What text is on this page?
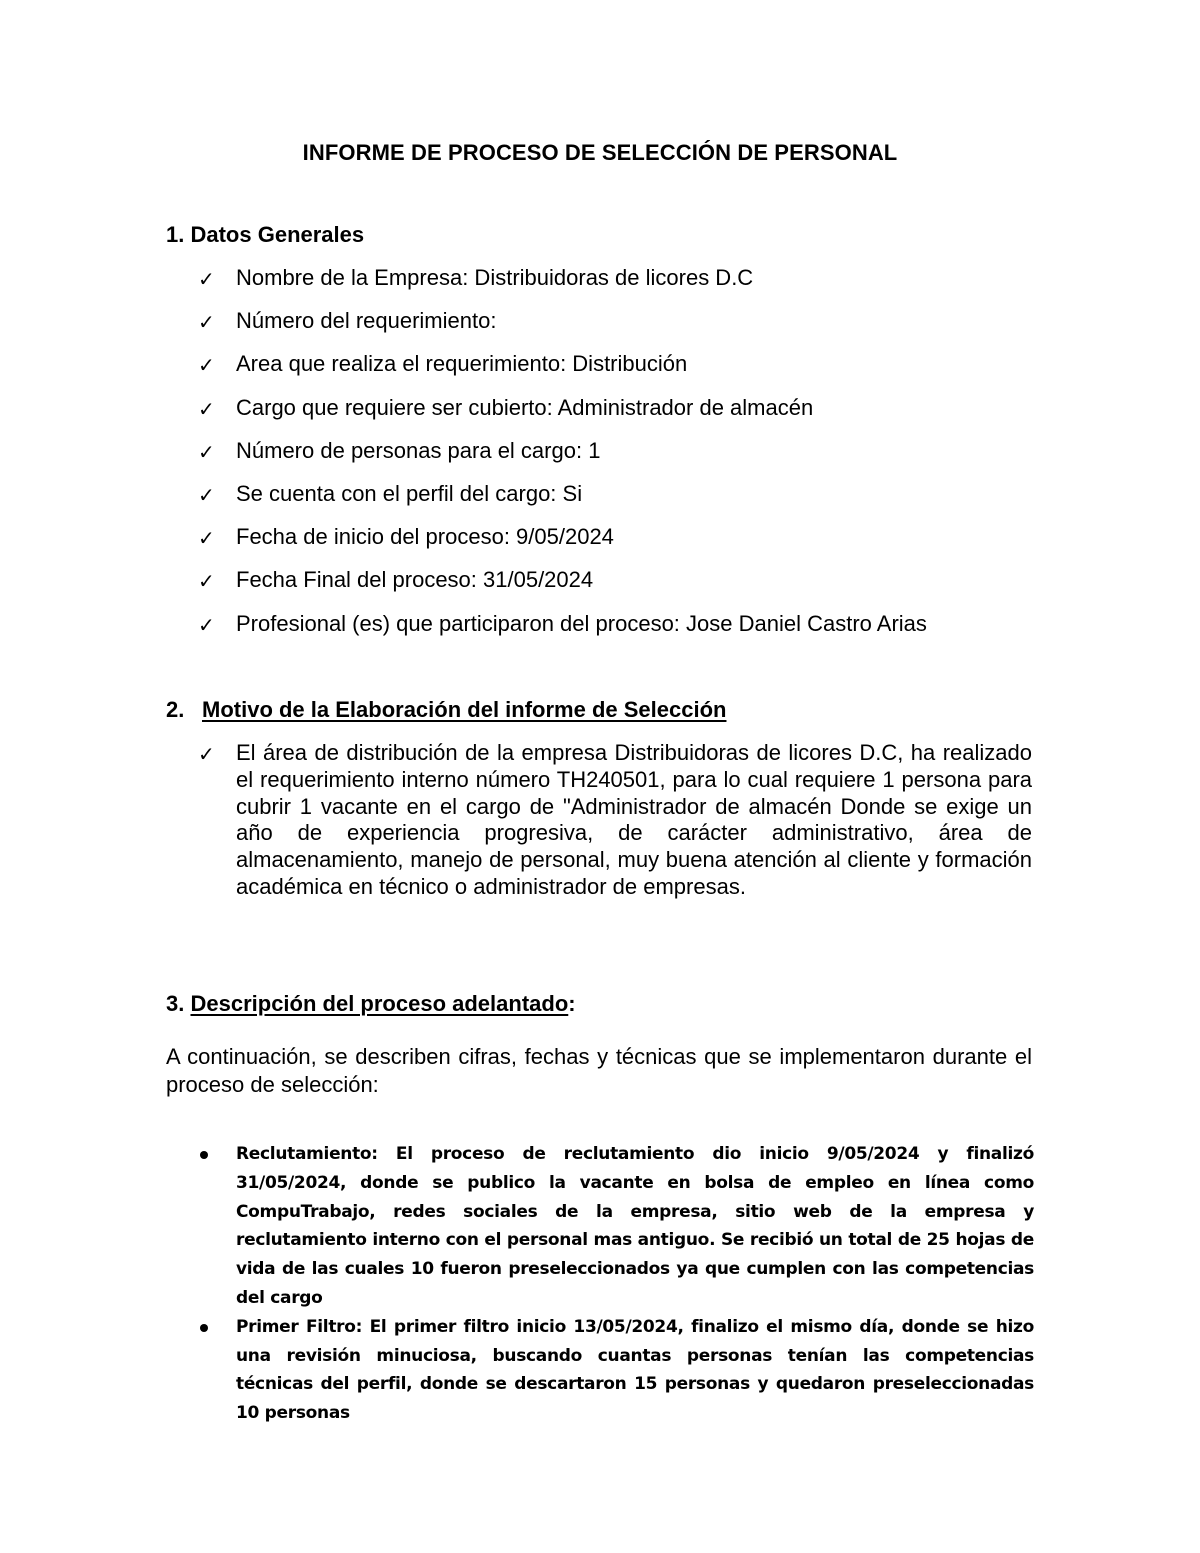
INFORME DE PROCESO DE SELECCIÓN DE PERSONAL
1. Datos Generales
✓ Nombre de la Empresa: Distribuidoras de licores D.C
✓ Número del requerimiento:
✓ Area que realiza el requerimiento: Distribución
✓ Cargo que requiere ser cubierto: Administrador de almacén
✓ Número de personas para el cargo: 1
✓ Se cuenta con el perfil del cargo: Si
✓ Fecha de inicio del proceso: 9/05/2024
✓ Fecha Final del proceso: 31/05/2024
✓ Profesional (es) que participaron del proceso: Jose Daniel Castro Arias
2. Motivo de la Elaboración del informe de Selección
✓ El área de distribución de la empresa Distribuidoras de licores D.C, ha realizado el requerimiento interno número TH240501, para lo cual requiere 1 persona para cubrir 1 vacante en el cargo de "Administrador de almacén Donde se exige un año de experiencia progresiva, de carácter administrativo, área de almacenamiento, manejo de personal, muy buena atención al cliente y formación académica en técnico o administrador de empresas.

3. Descripción del proceso adelantado:

A continuación, se describen cifras, fechas y técnicas que se implementaron durante el proceso de selección:

Reclutamiento: El proceso de reclutamiento dio inicio 9/05/2024 y finalizó 31/05/2024, donde se publico la vacante en bolsa de empleo en línea como CompuTrabajo, redes sociales de la empresa, sitio web de la empresa y reclutamiento interno con el personal mas antiguo. Se recibió un total de 25 hojas de vida de las cuales 10 fueron preseleccionados ya que cumplen con las competencias del cargo
Primer Filtro: El primer filtro inicio 13/05/2024, finalizo el mismo día, donde se hizo una revisión minuciosa, buscando cuantas personas tenían las competencias técnicas del perfil, donde se descartaron 15 personas y quedaron preseleccionadas 10 personas
